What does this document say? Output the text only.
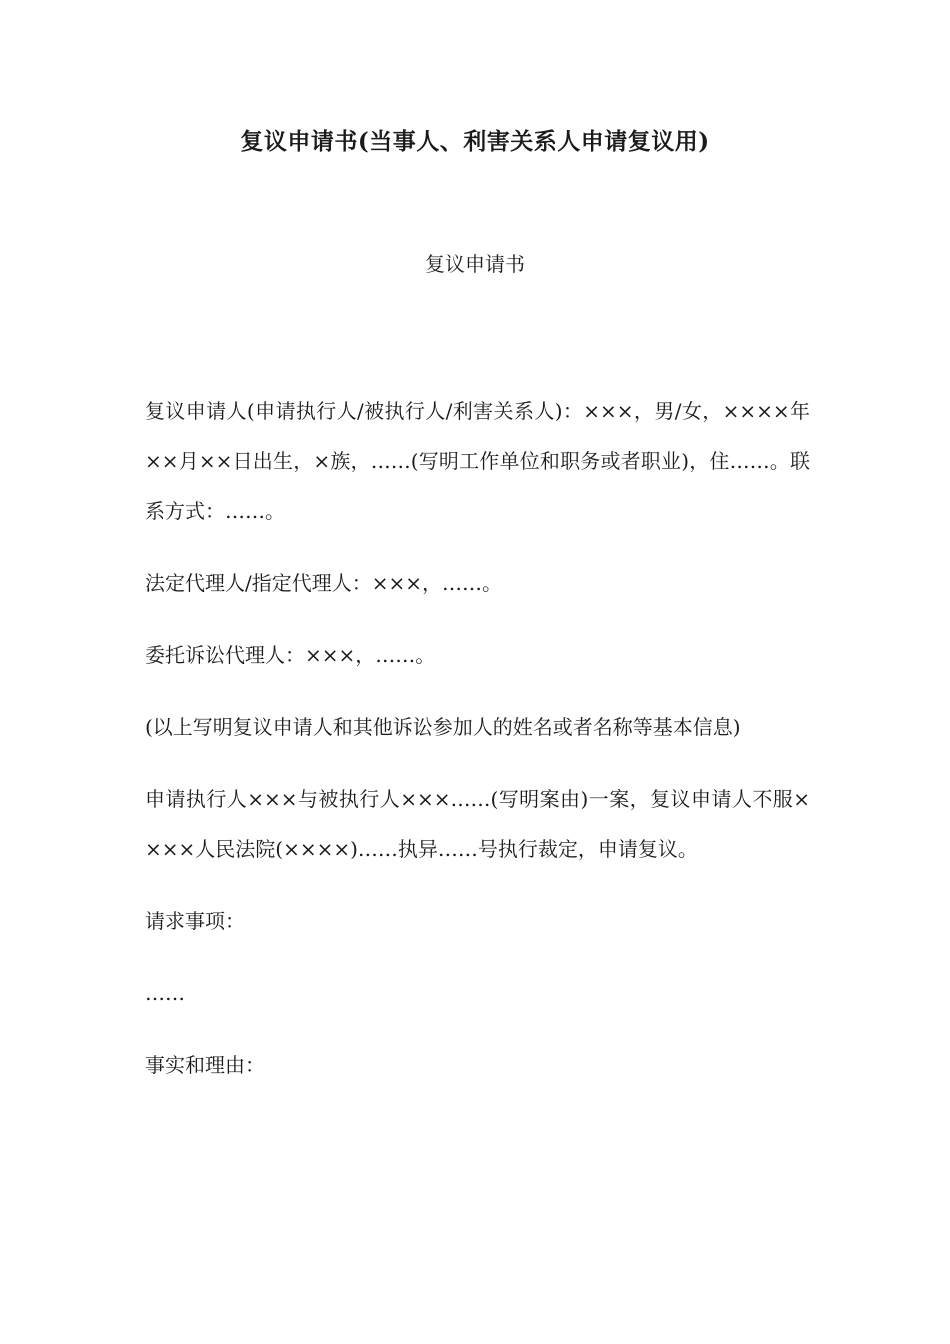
复议申请书(当事人、利害关系人申请复议用)
复议申请书

复议申请人(申请执行人/被执行人/利害关系人)：×××，男/女，××××年××月××日出生，×族，……(写明工作单位和职务或者职业)，住……。联系方式：……。

法定代理人/指定代理人：×××，……。

委托诉讼代理人：×××，……。

(以上写明复议申请人和其他诉讼参加人的姓名或者名称等基本信息)

申请执行人×××与被执行人×××……(写明案由)一案，复议申请人不服××××人民法院(××××)……执异……号执行裁定，申请复议。

请求事项：

……

事实和理由：
